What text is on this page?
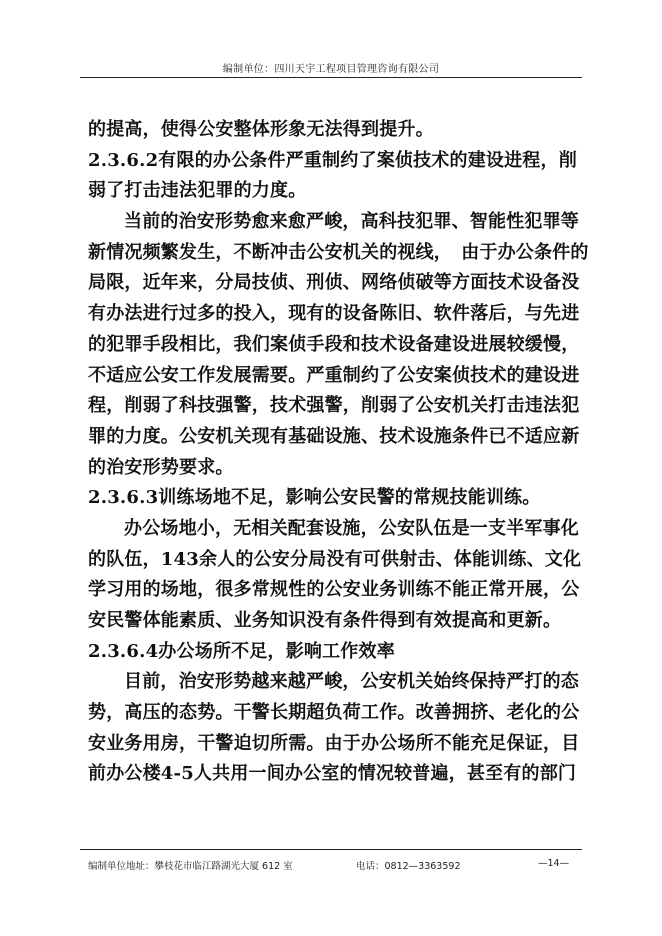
编制单位：四川天宇工程项目管理咨询有限公司
的提高，使得公安整体形象无法得到提升。
2.3.6.2有限的办公条件严重制约了案侦技术的建设进程，削
弱了打击违法犯罪的力度。
当前的治安形势愈来愈严峻，高科技犯罪、智能性犯罪等
新情况频繁发生，不断冲击公安机关的视线，　由于办公条件的
局限，近年来，分局技侦、刑侦、网络侦破等方面技术设备没
有办法进行过多的投入，现有的设备陈旧、软件落后，与先进
的犯罪手段相比，我们案侦手段和技术设备建设进展较缓慢，
不适应公安工作发展需要。严重制约了公安案侦技术的建设进
程，削弱了科技强警，技术强警，削弱了公安机关打击违法犯
罪的力度。公安机关现有基础设施、技术设施条件已不适应新
的治安形势要求。
2.3.6.3训练场地不足，影响公安民警的常规技能训练。
办公场地小，无相关配套设施，公安队伍是一支半军事化
的队伍，143余人的公安分局没有可供射击、体能训练、文化
学习用的场地，很多常规性的公安业务训练不能正常开展，公
安民警体能素质、业务知识没有条件得到有效提高和更新。
2.3.6.4办公场所不足，影响工作效率
目前，治安形势越来越严峻，公安机关始终保持严打的态
势，高压的态势。干警长期超负荷工作。改善拥挤、老化的公
安业务用房，干警迫切所需。由于办公场所不能充足保证，目
前办公楼4-5人共用一间办公室的情况较普遍，甚至有的部门
编制单位地址：攀枝花市临江路湖光大厦 612 室	电话：0812—3363592	—14—
